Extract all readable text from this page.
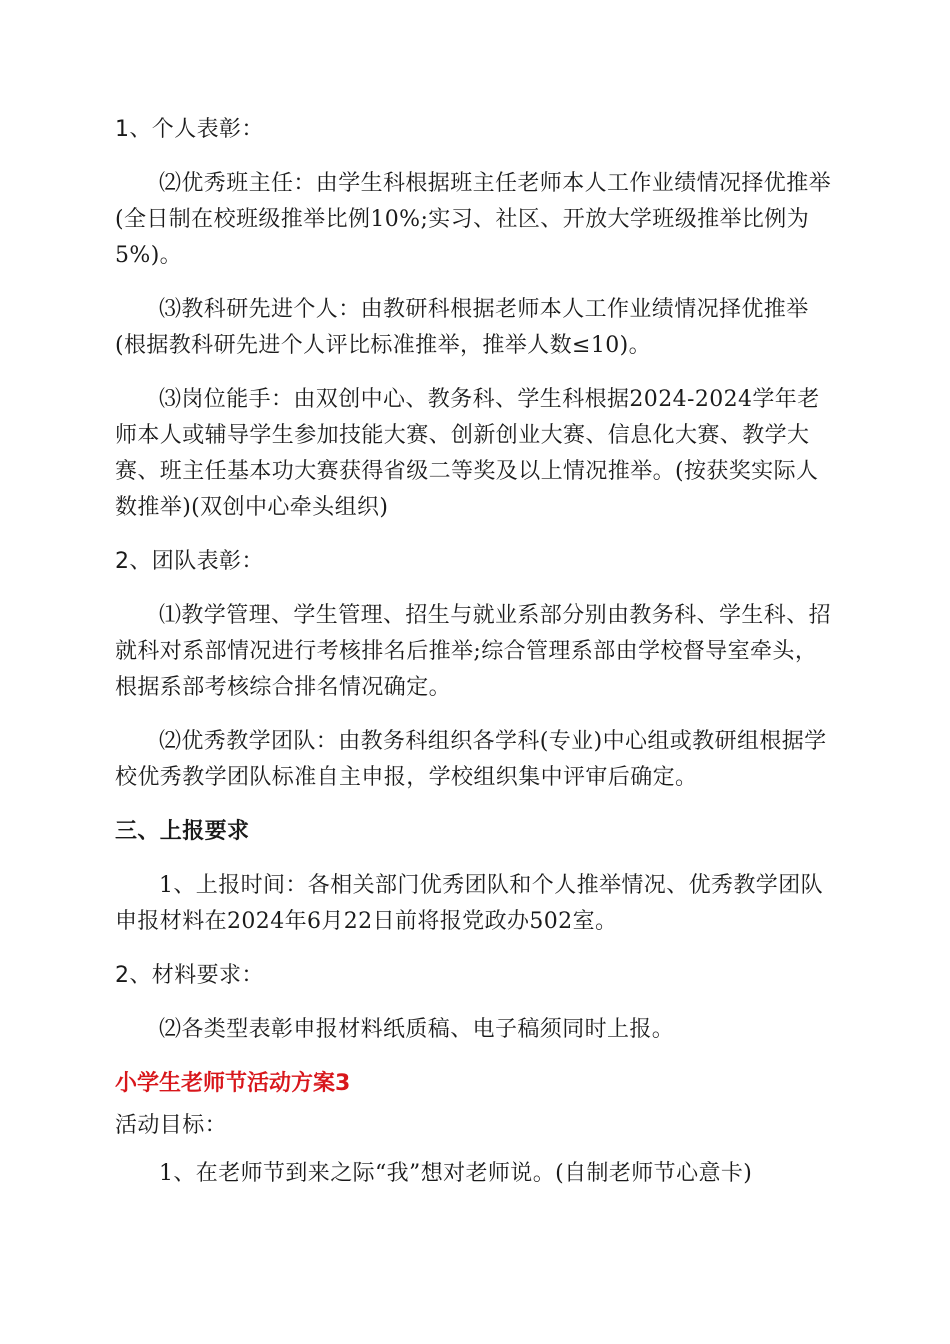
1、个人表彰：

⑵优秀班主任：由学生科根据班主任老师本人工作业绩情况择优推举(全日制在校班级推举比例10%;实习、社区、开放大学班级推举比例为5%)。

⑶教科研先进个人：由教研科根据老师本人工作业绩情况择优推举(根据教科研先进个人评比标准推举，推举人数≤10)。

⑶岗位能手：由双创中心、教务科、学生科根据2024-2024学年老师本人或辅导学生参加技能大赛、创新创业大赛、信息化大赛、教学大赛、班主任基本功大赛获得省级二等奖及以上情况推举。(按获奖实际人数推举)(双创中心牵头组织)

2、团队表彰：

⑴教学管理、学生管理、招生与就业系部分别由教务科、学生科、招就科对系部情况进行考核排名后推举;综合管理系部由学校督导室牵头，根据系部考核综合排名情况确定。

⑵优秀教学团队：由教务科组织各学科(专业)中心组或教研组根据学校优秀教学团队标准自主申报，学校组织集中评审后确定。

三、上报要求

1、上报时间：各相关部门优秀团队和个人推举情况、优秀教学团队申报材料在2024年6月22日前将报党政办502室。

2、材料要求：

⑵各类型表彰申报材料纸质稿、电子稿须同时上报。

小学生老师节活动方案3

活动目标：

1、在老师节到来之际“我”想对老师说。(自制老师节心意卡)
